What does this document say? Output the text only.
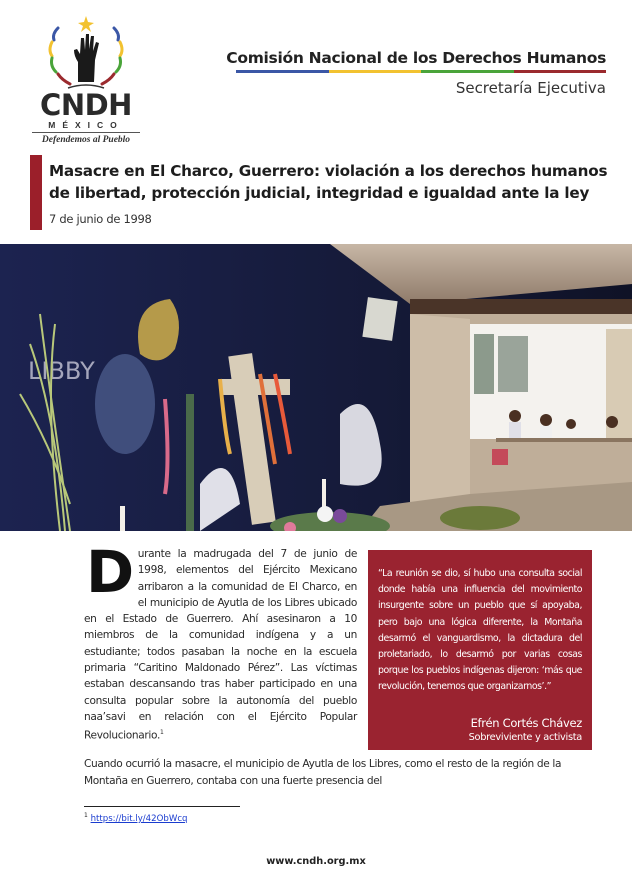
CNDH
MÉXICO
Defendemos al Pueblo
Comisión Nacional de los Derechos Humanos
Secretaría Ejecutiva
Masacre en El Charco, Guerrero: violación a los derechos humanos de libertad, protección judicial, integridad e igualdad ante la ley
7 de junio de 1998
LIBBY
Durante la madrugada del 7 de junio de 1998, elementos del Ejército Mexicano arribaron a la comunidad de El Charco, en el municipio de Ayutla de los Libres ubicado en el Estado de Guerrero. Ahí asesinaron a 10 miembros de la comunidad indígena y a un estudiante; todos pasaban la noche en la escuela primaria “Caritino Maldonado Pérez”. Las víctimas estaban descansando tras haber participado en una consulta popular sobre la autonomía del pueblo naa’savi en relación con el Ejército Popular Revolucionario.$^1$
“La reunión se dio, sí hubo una consulta social donde había una influencia del movimiento insurgente sobre un pueblo que sí apoyaba, pero bajo una lógica diferente, la Montaña desarmó el vanguardismo, la dictadura del proletariado, lo desarmó por varias cosas porque los pueblos indígenas dijeron: ‘más que revolución, tenemos que organizarnos’.”
Efrén Cortés Chávez
Sobreviviente y activista
Cuando ocurrió la masacre, el municipio de Ayutla de los Libres, como el resto de la región de la Montaña en Guerrero, contaba con una fuerte presencia del
$^1$ https://bit.ly/42ObWcq
www.cndh.org.mx
